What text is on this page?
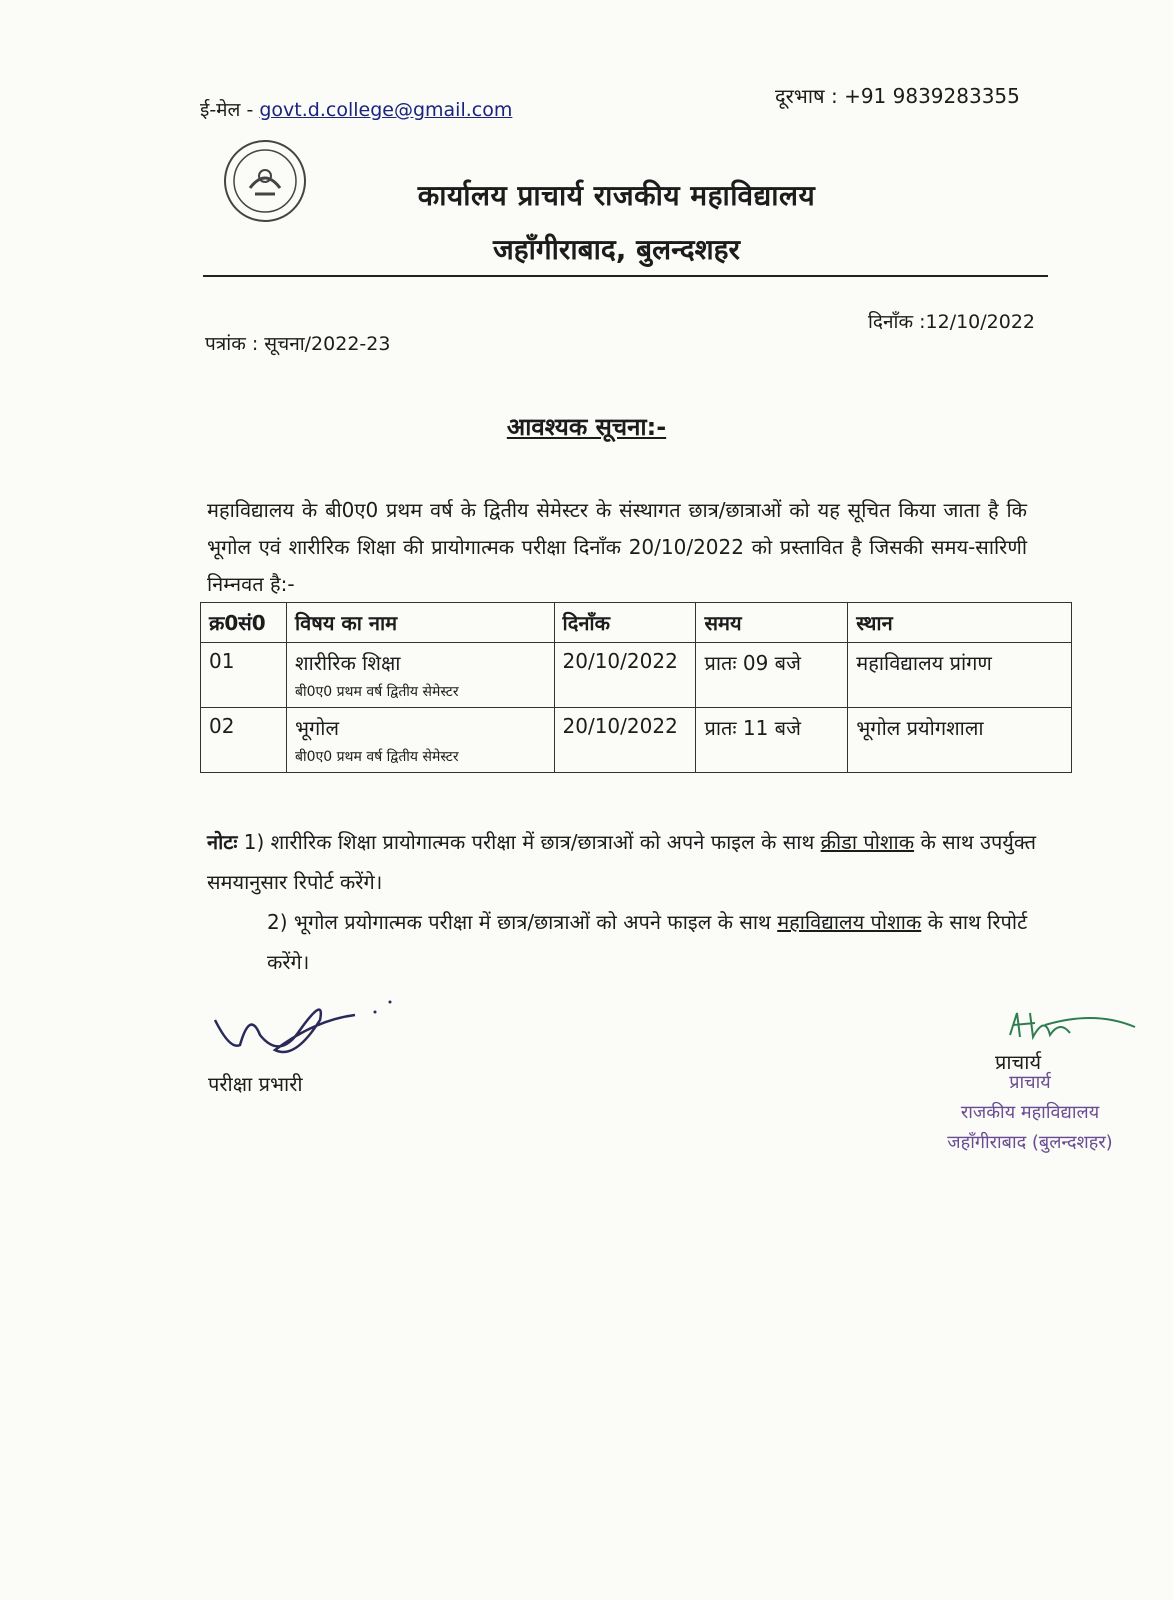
ई-मेल - govt.d.college@gmail.com
दूरभाष : +91 9839283355
कार्यालय प्राचार्य राजकीय महाविद्यालय
जहाँगीराबाद, बुलन्दशहर
पत्रांक : सूचना/2022-23
दिनाँक :12/10/2022
आवश्यक सूचना:-
महाविद्यालय के बी0ए0 प्रथम वर्ष के द्वितीय सेमेस्टर के संस्थागत छात्र/छात्राओं को यह सूचित किया जाता है कि भूगोल एवं शारीरिक शिक्षा की प्रायोगात्मक परीक्षा दिनाँक 20/10/2022 को प्रस्तावित है जिसकी समय-सारिणी निम्नवत है:-
क्र0सं0	विषय का नाम	दिनाँक	समय	स्थान
01	शारीरिक शिक्षा
बी0ए0 प्रथम वर्ष द्वितीय सेमेस्टर	20/10/2022	प्रातः 09 बजे	महाविद्यालय प्रांगण
02	भूगोल
बी0ए0 प्रथम वर्ष द्वितीय सेमेस्टर	20/10/2022	प्रातः 11 बजे	भूगोल प्रयोगशाला
नोटः 1) शारीरिक शिक्षा प्रायोगात्मक परीक्षा में छात्र/छात्राओं को अपने फाइल के साथ क्रीडा पोशाक के साथ उपर्युक्त समयानुसार रिपोर्ट करेंगे।
2) भूगोल प्रयोगात्मक परीक्षा में छात्र/छात्राओं को अपने फाइल के साथ महाविद्यालय पोशाक के साथ रिपोर्ट करेंगे।
परीक्षा प्रभारी
प्राचार्य
प्राचार्य
राजकीय महाविद्यालय
जहाँगीराबाद (बुलन्दशहर)
